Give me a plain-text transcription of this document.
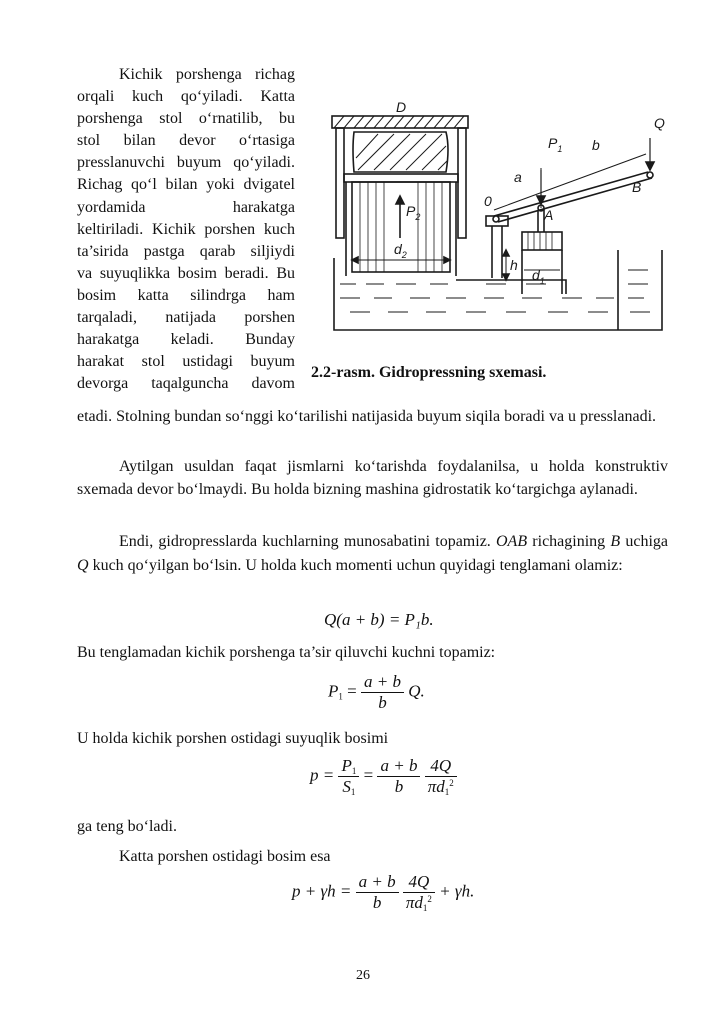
Kichik porshenga richag

orqali kuch qo‘yiladi. Katta

porshenga stol o‘rnatilib, bu

stol bilan devor o‘rtasiga

presslanuvchi buyum qo‘yiladi.

Richag qo‘l bilan yoki dvigatel

yordamida harakatga

keltiriladi. Kichik porshen kuch

ta’sirida pastga qarab siljiydi

va suyuqlikka bosim beradi. Bu

bosim katta silindrga ham

tarqaladi, natijada porshen

harakatga keladi. Bunday

harakat stol ustidagi buyum

devorga taqalguncha davom

D
Q
$P_1$ b
a
B
0
A
$P_2$
$d_2$
h
$d_1$
2.2-rasm. Gidropressning sxemasi.

etadi. Stolning bundan so‘nggi ko‘tarilishi natijasida buyum siqila boradi va u presslanadi.

Aytilgan usuldan faqat jismlarni ko‘tarishda foydalanilsa, u holda konstruktiv sxemada devor bo‘lmaydi. Bu holda bizning mashina gidrostatik ko‘targichga aylanadi.

Endi, gidropresslarda kuchlarning munosabatini topamiz. OAB richagining B uchiga Q kuch qo‘yilgan bo‘lsin. U holda kuch momenti uchun quyidagi tenglamani olamiz:

Q(a + b) = P₁b.

Bu tenglamadan kichik porshenga ta’sir qiluvchi kuchni topamiz:

$P_1 = \frac{a + b}{b} Q$.

U holda kichik porshen ostidagi suyuqlik bosimi

$p = \frac{P_1}{S_1} = \frac{a + b}{b}$
$\frac{4Q}{\pi d_1^2}$

ga teng bo‘ladi.

Katta porshen ostidagi bosim esa

$p + \gamma h = \frac{a + b}{b}$
$\frac{4Q}{\pi d_1^2} + \gamma h$.
26
